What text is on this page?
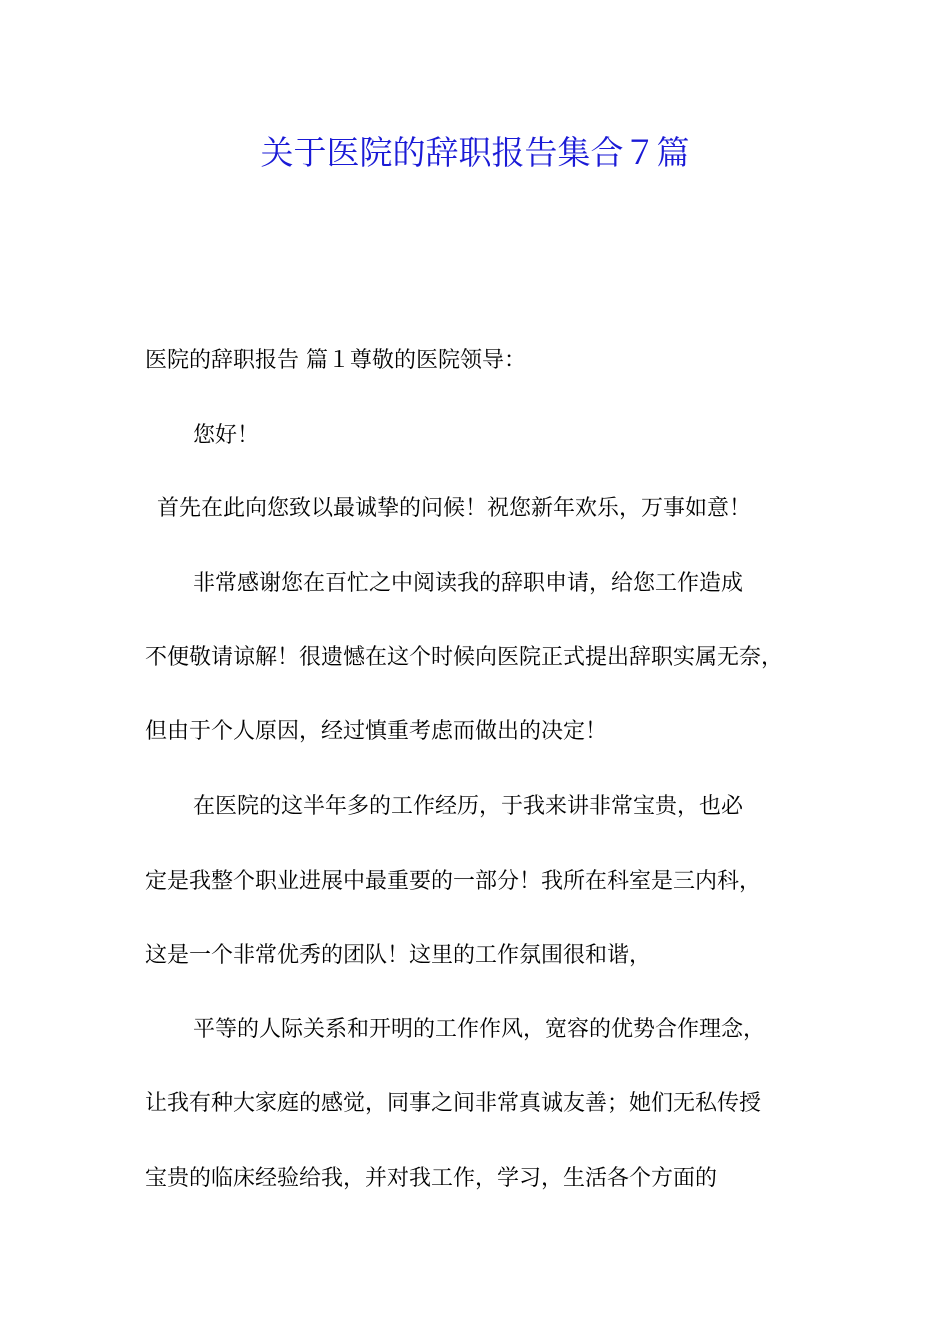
关于医院的辞职报告集合７篇

医院的辞职报告 篇１尊敬的医院领导：

您好！

首先在此向您致以最诚挚的问候！祝您新年欢乐，万事如意！

非常感谢您在百忙之中阅读我的辞职申请，给您工作造成

不便敬请谅解！很遗憾在这个时候向医院正式提出辞职实属无奈，

但由于个人原因，经过慎重考虑而做出的决定！

在医院的这半年多的工作经历，于我来讲非常宝贵，也必

定是我整个职业进展中最重要的一部分！我所在科室是三内科，

这是一个非常优秀的团队！这里的工作氛围很和谐，

平等的人际关系和开明的工作作风，宽容的优势合作理念，

让我有种大家庭的感觉，同事之间非常真诚友善；她们无私传授

宝贵的临床经验给我，并对我工作，学习，生活各个方面的
